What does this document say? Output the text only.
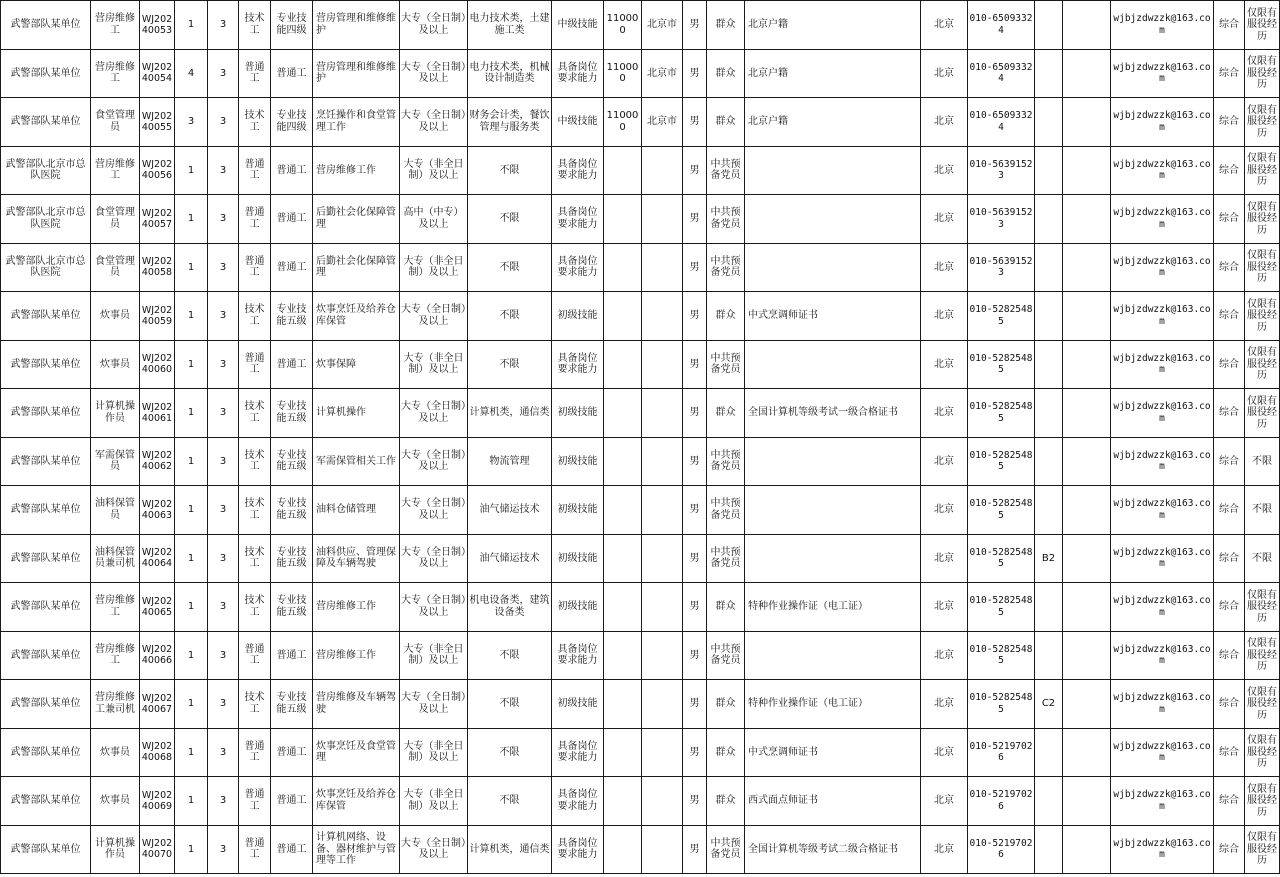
武警部队某单位	营房维修工	WJ20240053	1	3	技术工	专业技能四级	营房管理和维修维护	大专（全日制）及以上	电力技术类，土建施工类	中级技能	110000	北京市	男	群众	北京户籍	北京	010-65093324			wjbjzdwzzk@163.com	综合	仅限有服役经历
武警部队某单位	营房维修工	WJ20240054	4	3	普通工	普通工	营房管理和维修维护	大专（全日制）及以上	电力技术类，机械设计制造类	具备岗位要求能力	110000	北京市	男	群众	北京户籍	北京	010-65093324			wjbjzdwzzk@163.com	综合	仅限有服役经历
武警部队某单位	食堂管理员	WJ20240055	3	3	技术工	专业技能四级	烹饪操作和食堂管理工作	大专（全日制）及以上	财务会计类，餐饮管理与服务类	中级技能	110000	北京市	男	群众	北京户籍	北京	010-65093324			wjbjzdwzzk@163.com	综合	仅限有服役经历
武警部队北京市总队医院	营房维修工	WJ20240056	1	3	普通工	普通工	营房维修工作	大专（非全日制）及以上	不限	具备岗位要求能力			男	中共预备党员		北京	010-56391523			wjbjzdwzzk@163.com	综合	仅限有服役经历
武警部队北京市总队医院	食堂管理员	WJ20240057	1	3	普通工	普通工	后勤社会化保障管理	高中（中专）及以上	不限	具备岗位要求能力			男	中共预备党员		北京	010-56391523			wjbjzdwzzk@163.com	综合	仅限有服役经历
武警部队北京市总队医院	食堂管理员	WJ20240058	1	3	普通工	普通工	后勤社会化保障管理	大专（非全日制）及以上	不限	具备岗位要求能力			男	中共预备党员		北京	010-56391523			wjbjzdwzzk@163.com	综合	仅限有服役经历
武警部队某单位	炊事员	WJ20240059	1	3	技术工	专业技能五级	炊事烹饪及给养仓库保管	大专（全日制）及以上	不限	初级技能			男	群众	中式烹调师证书	北京	010-52825485			wjbjzdwzzk@163.com	综合	仅限有服役经历
武警部队某单位	炊事员	WJ20240060	1	3	普通工	普通工	炊事保障	大专（非全日制）及以上	不限	具备岗位要求能力			男	中共预备党员		北京	010-52825485			wjbjzdwzzk@163.com	综合	仅限有服役经历
武警部队某单位	计算机操作员	WJ20240061	1	3	技术工	专业技能五级	计算机操作	大专（全日制）及以上	计算机类，通信类	初级技能			男	群众	全国计算机等级考试一级合格证书	北京	010-52825485			wjbjzdwzzk@163.com	综合	仅限有服役经历
武警部队某单位	军需保管员	WJ20240062	1	3	技术工	专业技能五级	军需保管相关工作	大专（全日制）及以上	物流管理	初级技能			男	中共预备党员		北京	010-52825485			wjbjzdwzzk@163.com	综合	不限
武警部队某单位	油料保管员	WJ20240063	1	3	技术工	专业技能五级	油料仓储管理	大专（全日制）及以上	油气储运技术	初级技能			男	中共预备党员		北京	010-52825485			wjbjzdwzzk@163.com	综合	不限
武警部队某单位	油料保管员兼司机	WJ20240064	1	3	技术工	专业技能五级	油料供应、管理保障及车辆驾驶	大专（全日制）及以上	油气储运技术	初级技能			男	中共预备党员		北京	010-52825485	B2		wjbjzdwzzk@163.com	综合	不限
武警部队某单位	营房维修工	WJ20240065	1	3	技术工	专业技能五级	营房维修工作	大专（全日制）及以上	机电设备类，建筑设备类	初级技能			男	群众	特种作业操作证（电工证）	北京	010-52825485			wjbjzdwzzk@163.com	综合	仅限有服役经历
武警部队某单位	营房维修工	WJ20240066	1	3	普通工	普通工	营房维修工作	大专（非全日制）及以上	不限	具备岗位要求能力			男	中共预备党员		北京	010-52825485			wjbjzdwzzk@163.com	综合	仅限有服役经历
武警部队某单位	营房维修工兼司机	WJ20240067	1	3	技术工	专业技能五级	营房维修及车辆驾驶	大专（全日制）及以上	不限	初级技能			男	群众	特种作业操作证（电工证）	北京	010-52825485	C2		wjbjzdwzzk@163.com	综合	仅限有服役经历
武警部队某单位	炊事员	WJ20240068	1	3	普通工	普通工	炊事烹饪及食堂管理	大专（非全日制）及以上	不限	具备岗位要求能力			男	群众	中式烹调师证书	北京	010-52197026			wjbjzdwzzk@163.com	综合	仅限有服役经历
武警部队某单位	炊事员	WJ20240069	1	3	普通工	普通工	炊事烹饪及给养仓库保管	大专（非全日制）及以上	不限	具备岗位要求能力			男	群众	西式面点师证书	北京	010-52197026			wjbjzdwzzk@163.com	综合	仅限有服役经历
武警部队某单位	计算机操作员	WJ20240070	1	3	普通工	普通工	计算机网络、设备、器材维护与管理等工作	大专（全日制）及以上	计算机类，通信类	具备岗位要求能力			男	中共预备党员	全国计算机等级考试二级合格证书	北京	010-52197026			wjbjzdwzzk@163.com	综合	仅限有服役经历
